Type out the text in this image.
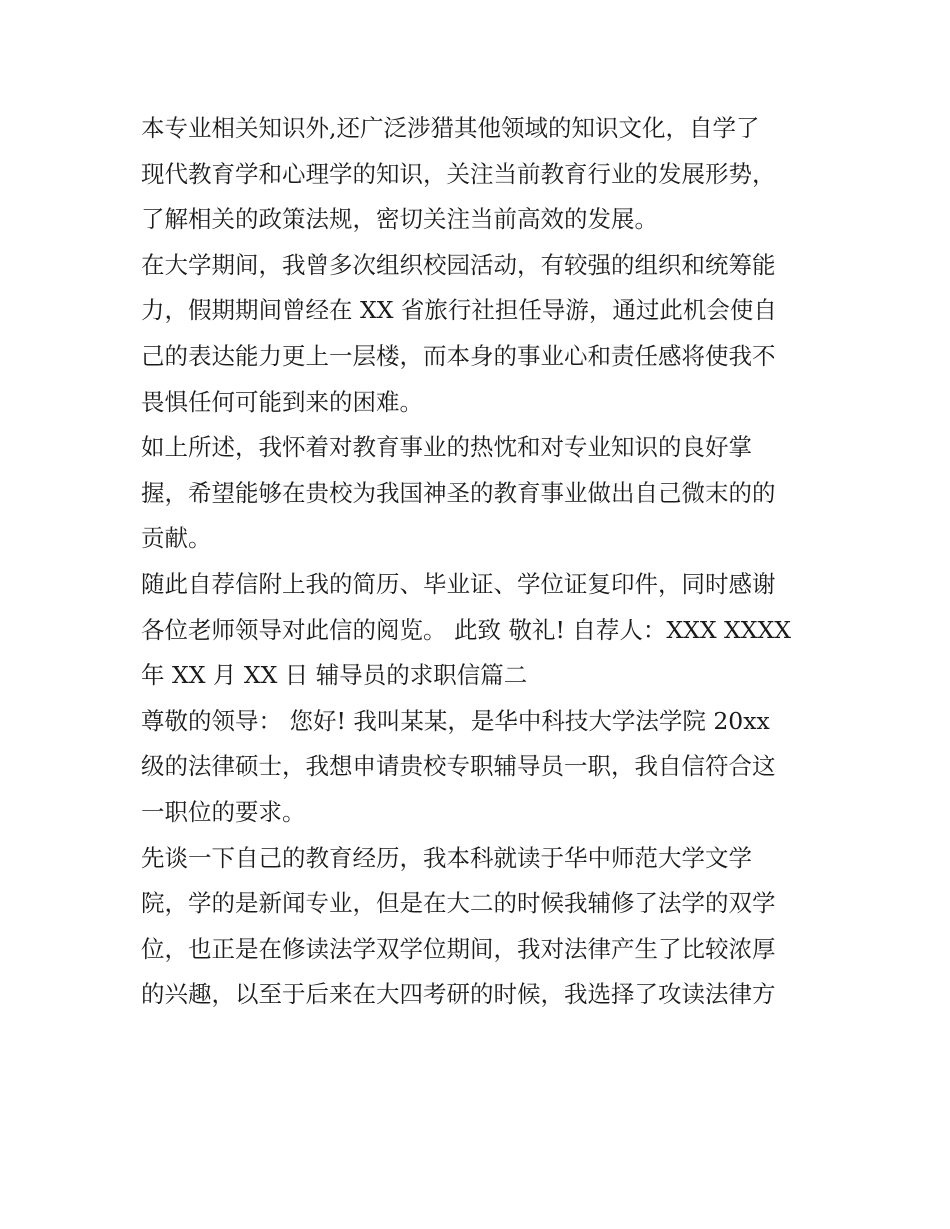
本专业相关知识外,还广泛涉猎其他领域的知识文化，自学了
现代教育学和心理学的知识，关注当前教育行业的发展形势，
了解相关的政策法规，密切关注当前高效的发展。
在大学期间，我曾多次组织校园活动，有较强的组织和统筹能
力，假期期间曾经在 XX 省旅行社担任导游，通过此机会使自
己的表达能力更上一层楼，而本身的事业心和责任感将使我不
畏惧任何可能到来的困难。
如上所述，我怀着对教育事业的热忱和对专业知识的良好掌
握，希望能够在贵校为我国神圣的教育事业做出自己微末的的
贡献。
随此自荐信附上我的简历、毕业证、学位证复印件，同时感谢
各位老师领导对此信的阅览。 此致 敬礼! 自荐人：XXX XXXX
年 XX 月 XX 日 辅导员的求职信篇二
尊敬的领导： 您好! 我叫某某，是华中科技大学法学院 20xx
级的法律硕士，我想申请贵校专职辅导员一职，我自信符合这
一职位的要求。
先谈一下自己的教育经历，我本科就读于华中师范大学文学
院，学的是新闻专业，但是在大二的时候我辅修了法学的双学
位，也正是在修读法学双学位期间，我对法律产生了比较浓厚
的兴趣，以至于后来在大四考研的时候，我选择了攻读法律方
